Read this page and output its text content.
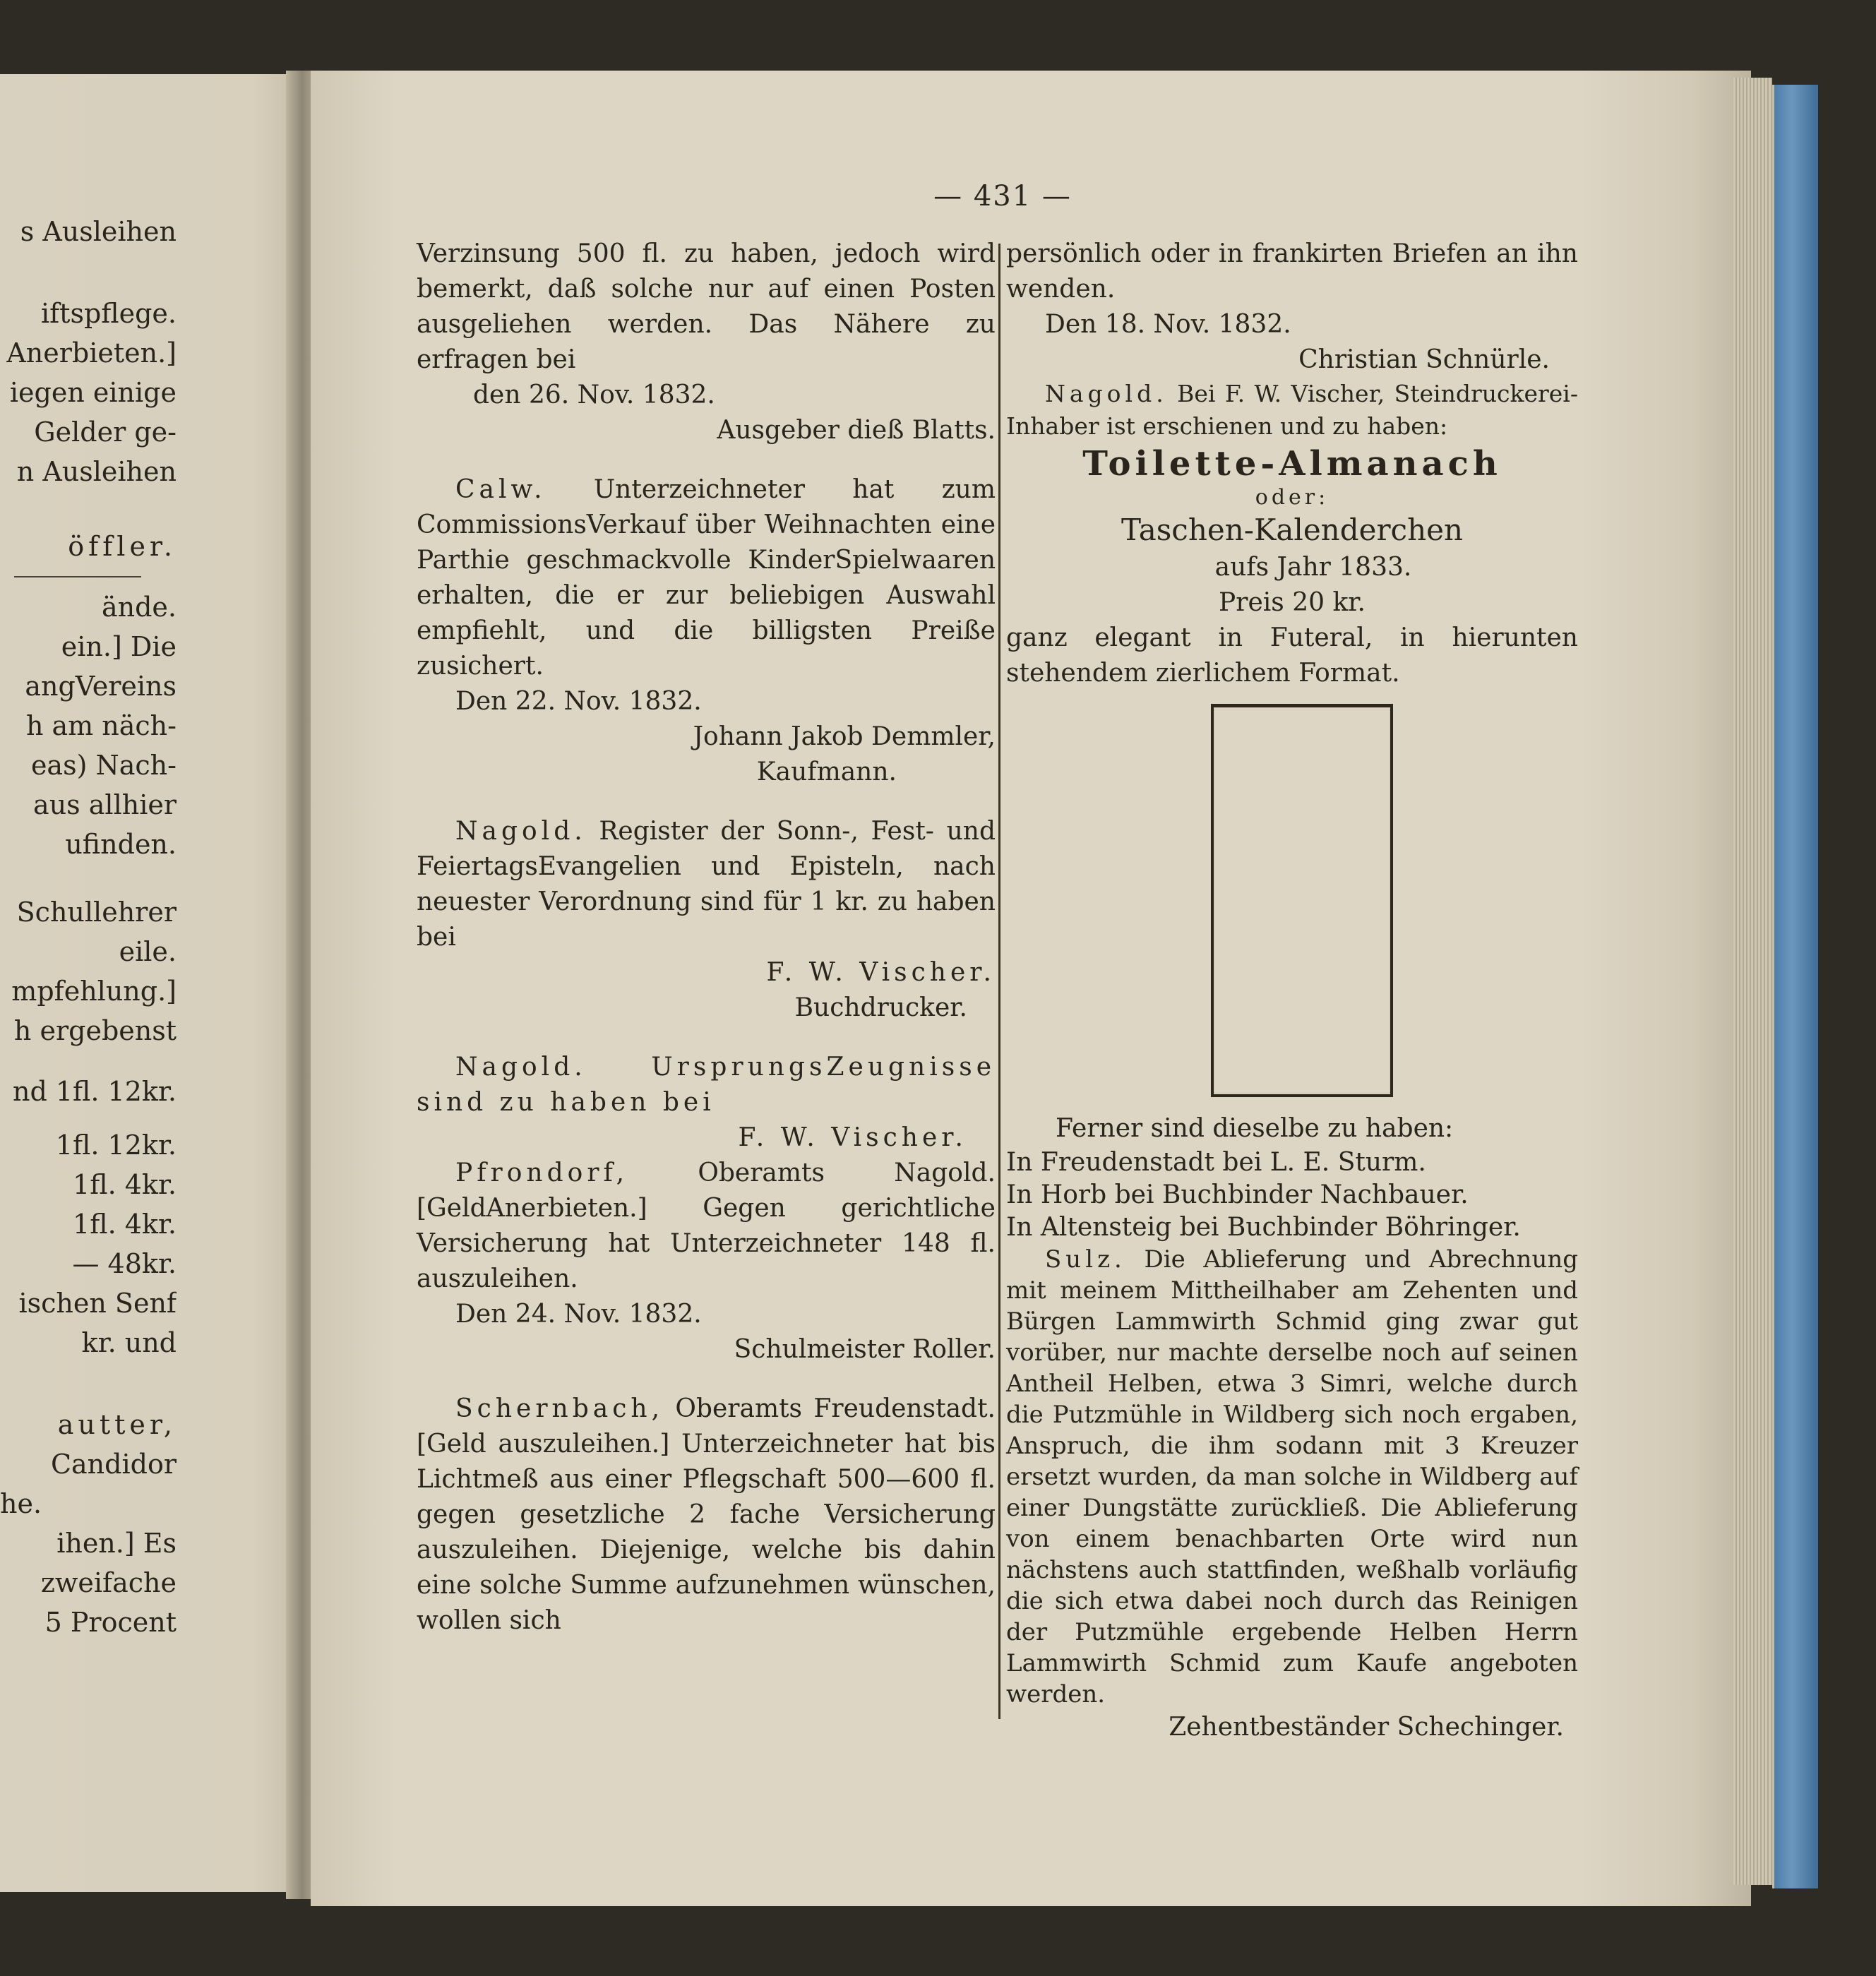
s Ausleihen
iftspflege.
Anerbieten.]
iegen einige
Gelder ge-
n Ausleihen
öffler.
ände.
ein.] Die
angVereins
h am näch-
eas) Nach-
aus allhier
ufinden.
Schullehrer
eile.
mpfehlung.]
h ergebenst
nd 1fl. 12kr.
1fl. 12kr.
1fl. 4kr.
1fl. 4kr.
— 48kr.
ischen Senf
kr. und
autter,
Candidor
he.
ihen.] Es
zweifache
5 Procent
— 431 —

Verzinsung 500 fl. zu haben, jedoch wird bemerkt, daß solche nur auf einen Posten ausgeliehen werden. Das Nähere zu erfragen bei

den 26. Nov. 1832.

Ausgeber dieß Blatts.

Calw. Unterzeichneter hat zum CommissionsVerkauf über Weihnachten eine Parthie geschmackvolle KinderSpielwaaren erhalten, die er zur beliebigen Auswahl empfiehlt, und die billigsten Preiße zusichert.

Den 22. Nov. 1832.

Johann Jakob Demmler,

Kaufmann.

Nagold. Register der Sonn-, Fest- und FeiertagsEvangelien und Episteln, nach neuester Verordnung sind für 1 kr. zu haben bei

F. W. Vischer.

Buchdrucker.

Nagold.	UrsprungsZeugnisse sind zu haben bei

F. W. Vischer.

Pfrondorf,	Oberamts Nagold. [GeldAnerbieten.] Gegen gerichtliche Versicherung hat Unterzeichneter 148 fl. auszuleihen.

Den 24. Nov. 1832.

Schulmeister Roller.

Schernbach, Oberamts Freudenstadt. [Geld auszuleihen.] Unterzeichneter hat bis Lichtmeß aus einer Pflegschaft 500—600 fl. gegen gesetzliche 2 fache Versicherung auszuleihen. Diejenige, welche bis dahin eine solche Summe aufzunehmen wünschen, wollen sich

persönlich oder in frankirten Briefen an ihn wenden.

Den 18. Nov. 1832.

Christian Schnürle.

Nagold. Bei F. W. Vischer, Steindruckerei-Inhaber ist erschienen und zu haben:

Toilette-Almanach

oder:

Taschen-Kalenderchen

aufs Jahr 1833.

Preis 20 kr.

ganz elegant in Futeral, in hierunten stehendem zierlichem Format.

Ferner sind dieselbe zu haben:

In Freudenstadt bei L. E. Sturm.

In Horb bei Buchbinder Nachbauer.

In Altensteig bei Buchbinder Böhringer.

Sulz. Die Ablieferung und Abrechnung mit meinem Mittheilhaber am Zehenten und Bürgen Lammwirth Schmid ging zwar gut vorüber, nur machte derselbe noch auf seinen Antheil Helben, etwa 3 Simri, welche durch die Putzmühle in Wildberg sich noch ergaben, Anspruch, die ihm sodann mit 3 Kreuzer ersetzt wurden, da man solche in Wildberg auf einer Dungstätte zurückließ. Die Ablieferung von einem benachbarten Orte wird nun nächstens auch stattfinden, weßhalb vorläufig die sich etwa dabei noch durch das Reinigen der Putzmühle ergebende Helben Herrn Lammwirth Schmid zum Kaufe angeboten werden.

Zehentbeständer Schechinger.
